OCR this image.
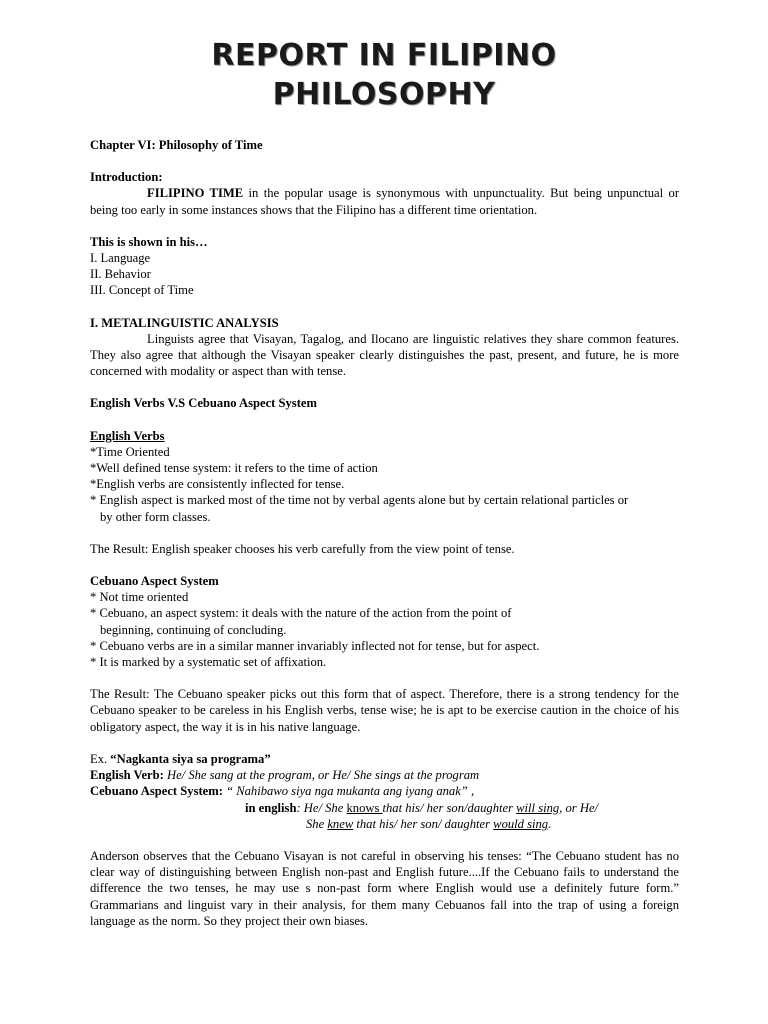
REPORT IN FILIPINO
PHILOSOPHY

Chapter VI: Philosophy of Time

Introduction:

FILIPINO TIME in the popular usage is synonymous with unpunctuality. But being unpunctual or being too early in some instances shows that the Filipino has a different time orientation.

This is shown in his…

I. Language

II. Behavior

III. Concept of Time

I. METALINGUISTIC ANALYSIS

Linguists agree that Visayan, Tagalog, and Ilocano are linguistic relatives they share common features. They also agree that although the Visayan speaker clearly distinguishes the past, present, and future, he is more concerned with modality or aspect than with tense.

English Verbs V.S Cebuano Aspect System

English Verbs

*Time Oriented

*Well defined tense system: it refers to the time of action

*English verbs are consistently inflected for tense.

* English aspect is marked most of the time not by verbal agents alone but by certain relational particles or by other form classes.

The Result: English speaker chooses his verb carefully from the view point of tense.

Cebuano Aspect System

* Not time oriented

* Cebuano, an aspect system: it deals with the nature of the action from the point of beginning, continuing of concluding.

* Cebuano verbs are in a similar manner invariably inflected not for tense, but for aspect.

* It is marked by a systematic set of affixation.

The Result: The Cebuano speaker picks out this form that of aspect. Therefore, there is a strong tendency for the Cebuano speaker to be careless in his English verbs, tense wise; he is apt to be exercise caution in the choice of his obligatory aspect, the way it is in his native language.

Ex. “Nagkanta siya sa programa”

English Verb: He/ She sang at the program, or He/ She sings at the program

Cebuano Aspect System: “ Nahibawo siya nga mukanta ang iyang anak” ,

in english: He/ She knows that his/ her son/daughter will sing, or He/

She knew that his/ her son/ daughter would sing.

Anderson observes that the Cebuano Visayan is not careful in observing his tenses: “The Cebuano student has no clear way of distinguishing between English non-past and English future....If the Cebuano fails to understand the difference the two tenses, he may use s non-past form where English would use a definitely future form.” Grammarians and linguist vary in their analysis, for them many Cebuanos fall into the trap of using a foreign language as the norm. So they project their own biases.
